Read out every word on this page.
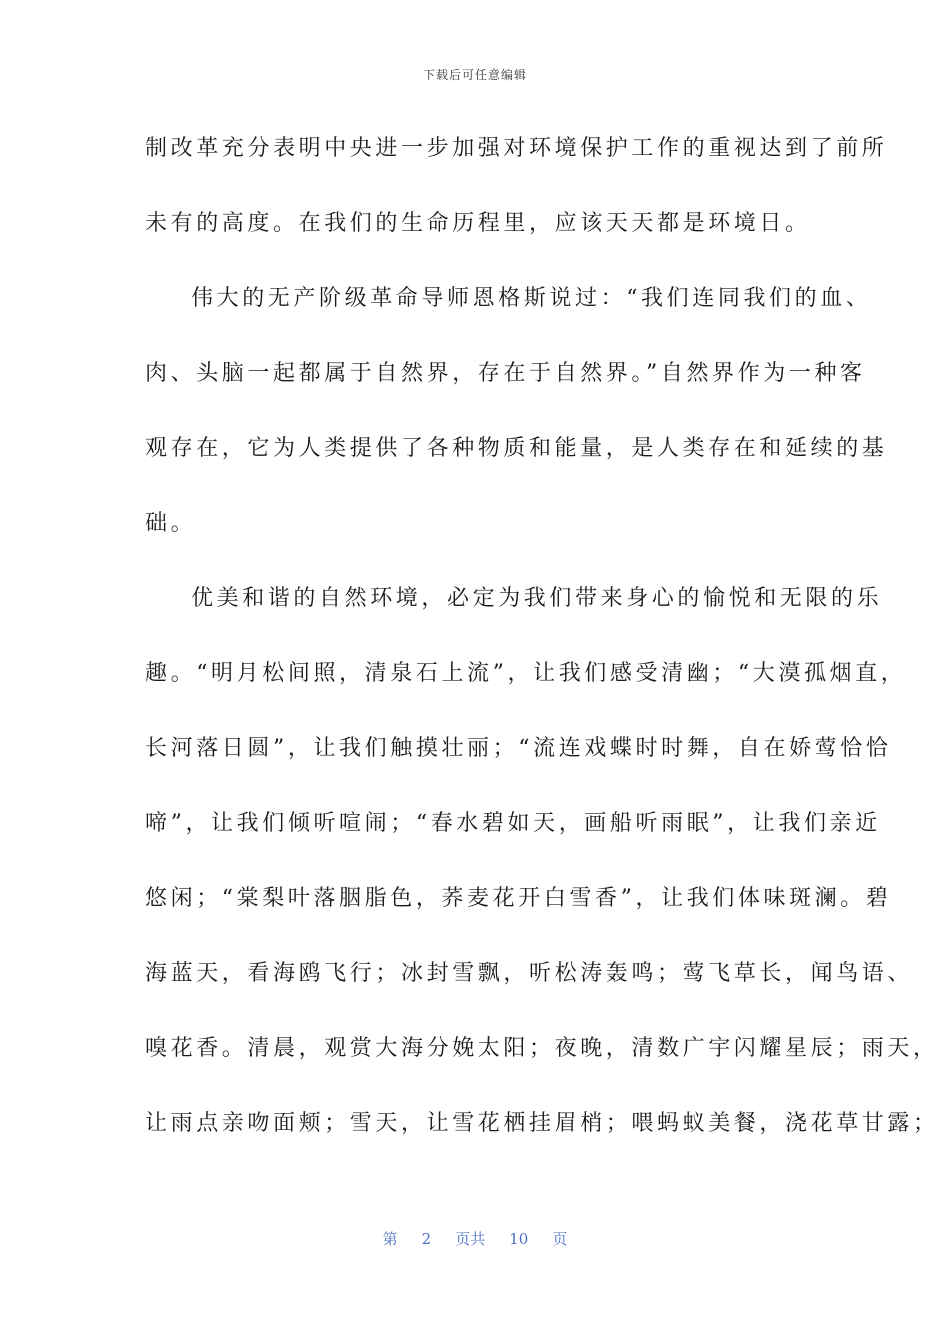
下载后可任意编辑
制改革充分表明中央进一步加强对环境保护工作的重视达到了前所
未有的高度。在我们的生命历程里，应该天天都是环境日。
伟大的无产阶级革命导师恩格斯说过：“我们连同我们的血、
肉、头脑一起都属于自然界，存在于自然界。”自然界作为一种客
观存在，它为人类提供了各种物质和能量，是人类存在和延续的基
础。
优美和谐的自然环境，必定为我们带来身心的愉悦和无限的乐
趣。“明月松间照，清泉石上流”，让我们感受清幽；“大漠孤烟直，
长河落日圆”，让我们触摸壮丽；“流连戏蝶时时舞，自在娇莺恰恰
啼”，让我们倾听喧闹；“春水碧如天，画船听雨眠”，让我们亲近
悠闲；“棠梨叶落胭脂色，荞麦花开白雪香”，让我们体味斑澜。碧
海蓝天，看海鸥飞行；冰封雪飘，听松涛轰鸣；莺飞草长，闻鸟语、
嗅花香。清晨，观赏大海分娩太阳；夜晚，清数广宇闪耀星辰；雨天，
让雨点亲吻面颊；雪天，让雪花栖挂眉梢；喂蚂蚁美餐，浇花草甘露；
第 2 页共 10 页
